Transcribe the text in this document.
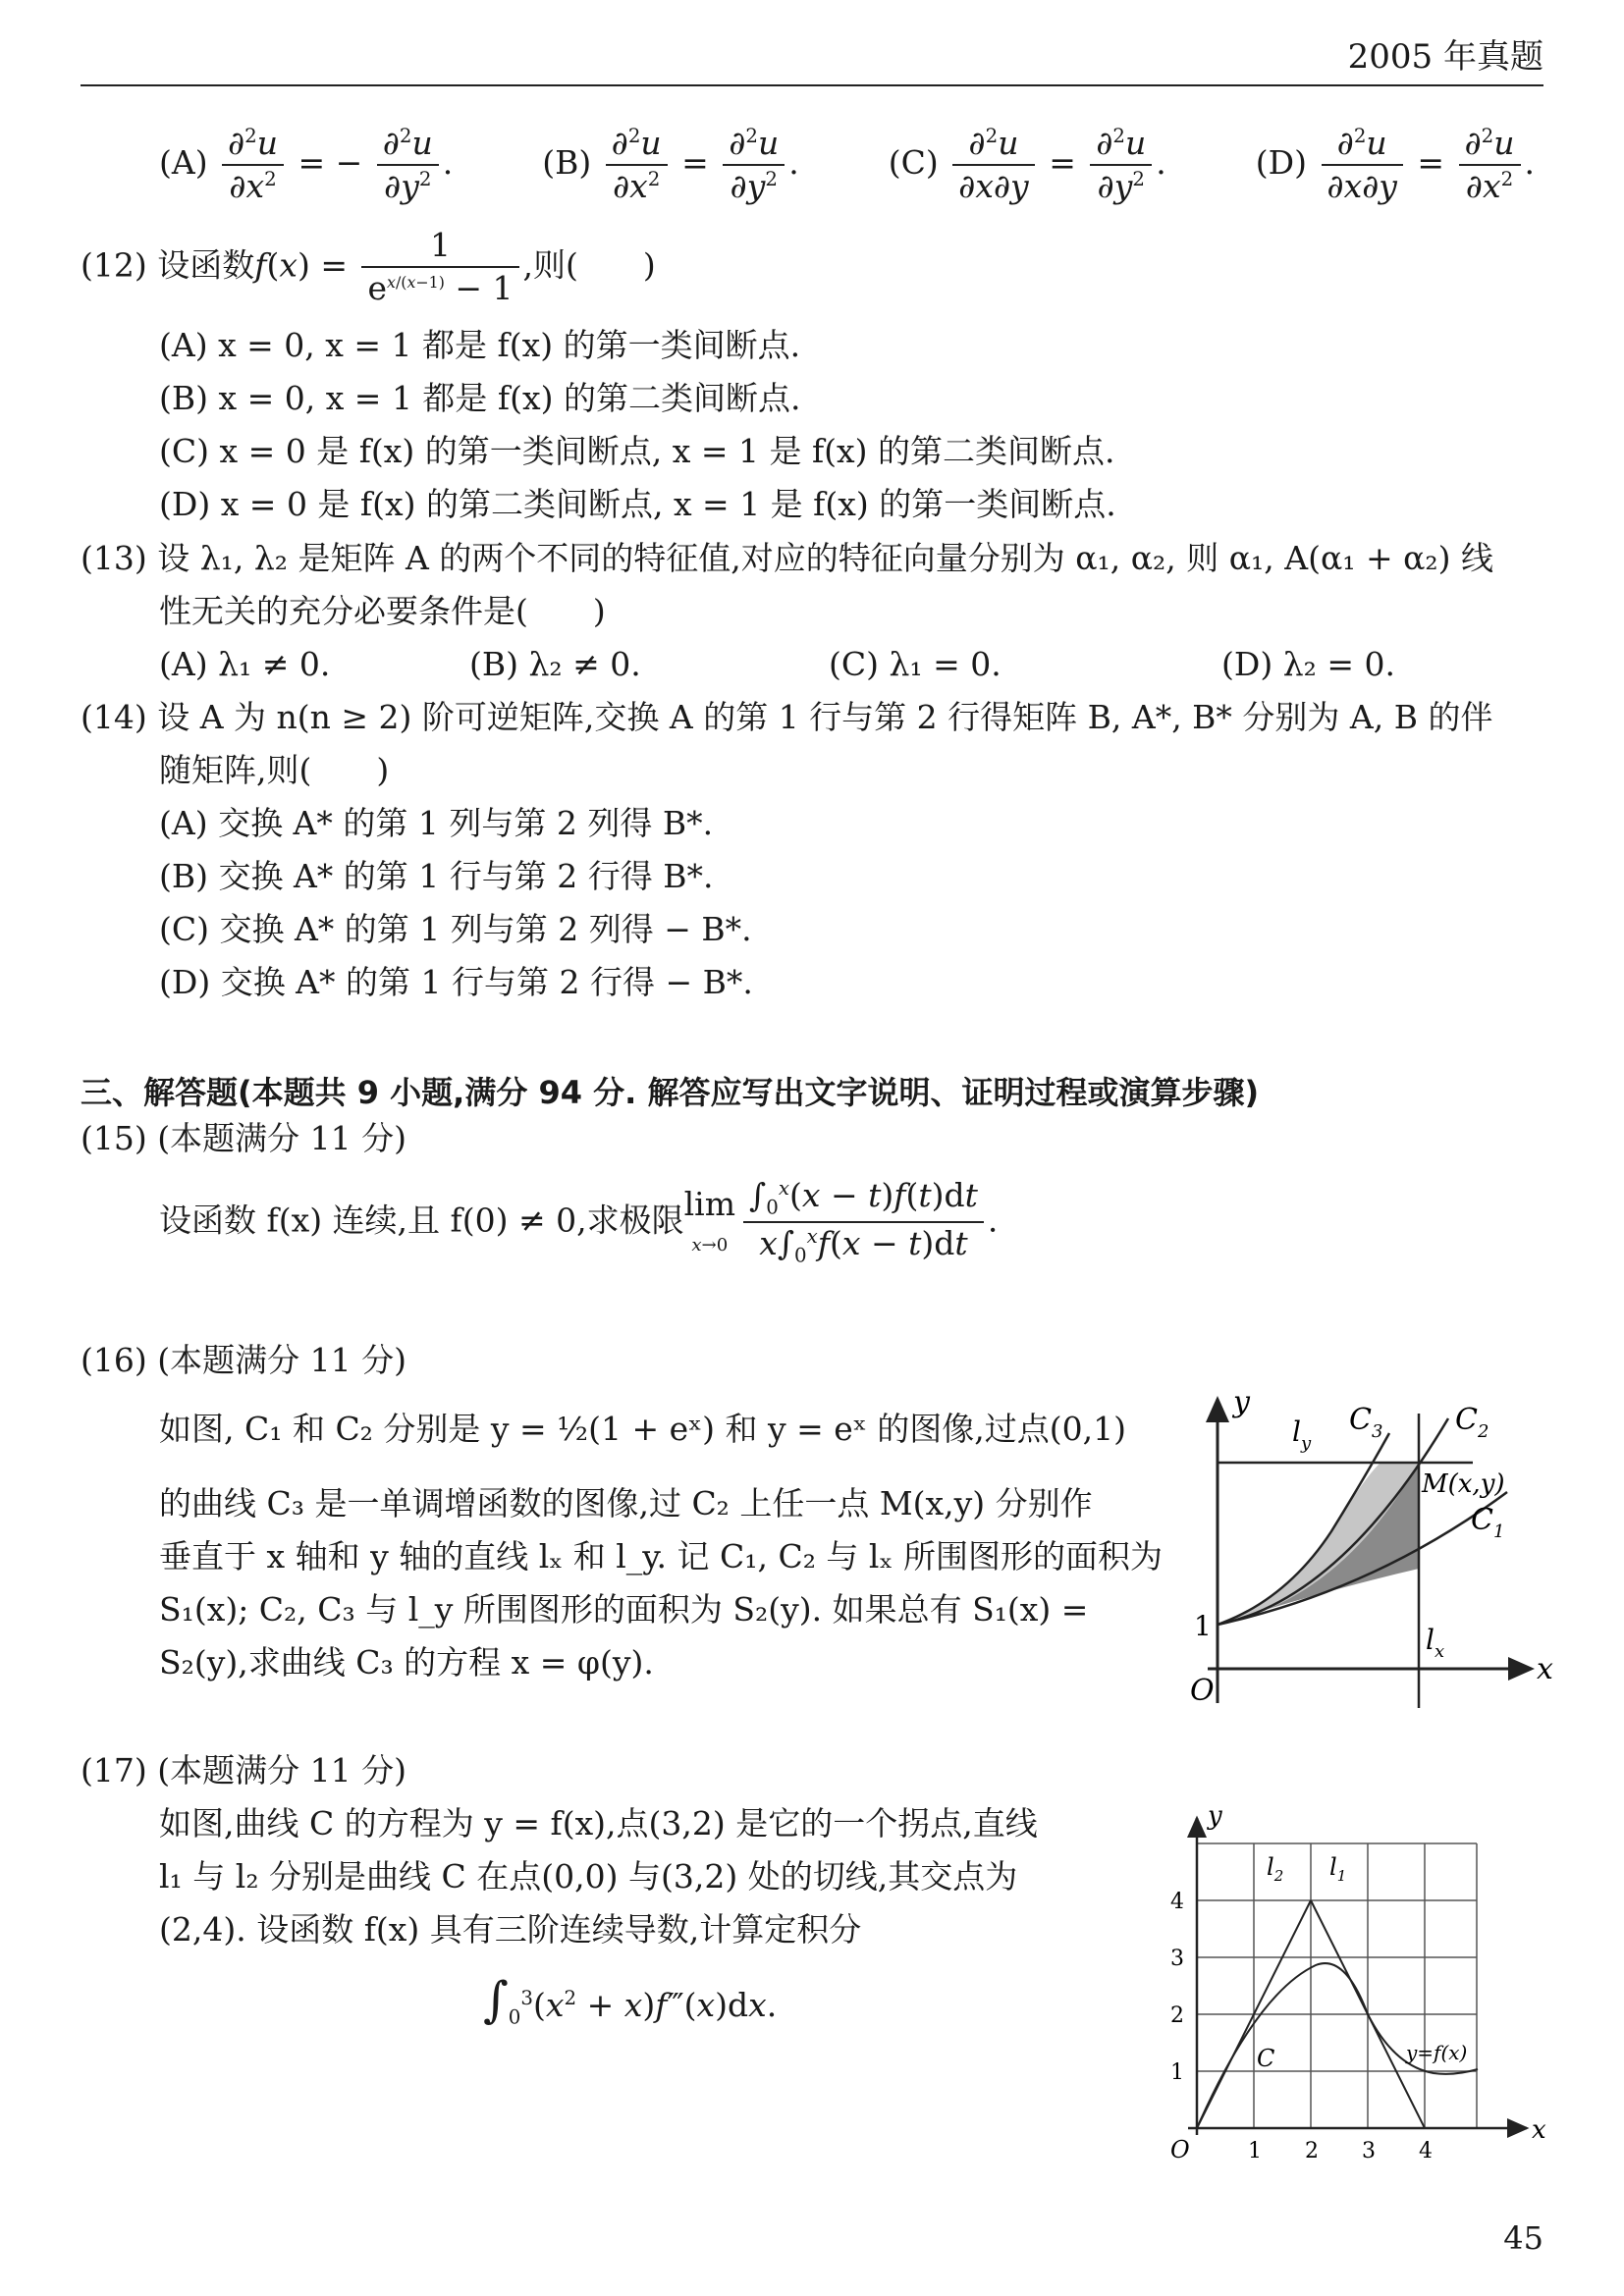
2005 年真题
$(A) \frac{\partial^2u}{\partial x^2}$ = − $\frac{\partial^2u}{\partial y^2}$ .	$(B) \frac{\partial^2u}{\partial x^2} = \frac{\partial^2u}{\partial y^2}$ .	$(C) \frac{\partial^2u}{\partial x\partial y} = \frac{\partial^2u}{\partial y^2}$ .	$(D) \frac{\partial^2u}{\partial x\partial y} = \frac{\partial^2u}{\partial x^2}$ .
(12) 设函数$f(x) = \frac{1}{e^{x/(x-1)} - 1}$ ,则(　　)
(A) x = 0, x = 1 都是 f(x) 的第一类间断点.
(B) x = 0, x = 1 都是 f(x) 的第二类间断点.
(C) x = 0 是 f(x) 的第一类间断点, x = 1 是 f(x) 的第二类间断点.
(D) x = 0 是 f(x) 的第二类间断点, x = 1 是 f(x) 的第一类间断点.
(13) 设 λ₁, λ₂ 是矩阵 A 的两个不同的特征值,对应的特征向量分别为 α₁, α₂, 则 α₁, A(α₁ + α₂) 线
性无关的充分必要条件是(　　)
(A) λ₁ ≠ 0.	(B) λ₂ ≠ 0.	(C) λ₁ = 0.	(D) λ₂ = 0.
(14) 设 A 为 n(n ≥ 2) 阶可逆矩阵,交换 A 的第 1 行与第 2 行得矩阵 B, A*, B* 分别为 A, B 的伴
随矩阵,则(　　)
(A) 交换 A* 的第 1 列与第 2 列得 B*.
(B) 交换 A* 的第 1 行与第 2 行得 B*.
(C) 交换 A* 的第 1 列与第 2 列得 − B*.
(D) 交换 A* 的第 1 行与第 2 行得 − B*.
三、解答题(本题共 9 小题,满分 94 分. 解答应写出文字说明、证明过程或演算步骤)
(15) (本题满分 11 分)
设函数 f(x) 连续,且 f(0) ≠ 0,求极限lim
$x\to 0 \frac{\int_0^x(x - t)f(t)dt}{x\int_0^xf(x - t)dt}$ .
(16) (本题满分 11 分)
如图, C₁ 和 C₂ 分别是 y = ½(1 + eˣ) 和 y = eˣ 的图像,过点(0,1)
的曲线 C₃ 是一单调增函数的图像,过 C₂ 上任一点 M(x,y) 分别作
垂直于 x 轴和 y 轴的直线 lₓ 和 l_y. 记 C₁, C₂ 与 lₓ 所围图形的面积为
S₁(x); C₂, C₃ 与 l_y 所围图形的面积为 S₂(y). 如果总有 S₁(x) =
S₂(y),求曲线 C₃ 的方程 x = φ(y).
y
x
O
1
$l_y$
$l_x$
$C_3$ $C_2$
$C_1$
M(x,y)
(17) (本题满分 11 分)
如图,曲线 C 的方程为 y = f(x),点(3,2) 是它的一个拐点,直线
l₁ 与 l₂ 分别是曲线 C 在点(0,0) 与(3,2) 处的切线,其交点为
(2,4). 设函数 f(x) 具有三阶连续导数,计算定积分
$\int_0^3(x^2$ + x)f‴(x)dx.
y
x
O	1 2 3 4
1
2
3
4
$l_2$ $l_1$
C	y=f(x)
45
